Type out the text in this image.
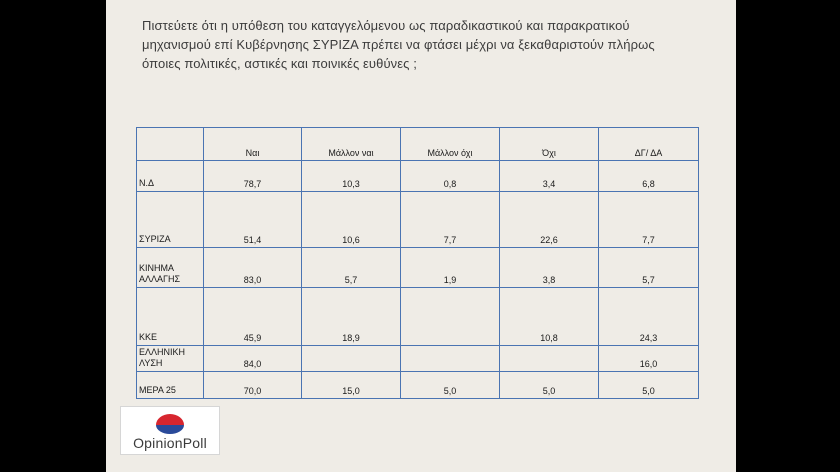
Πιστεύετε ότι η υπόθεση του καταγγελόμενου ως παραδικαστικού και παρακρατικού
μηχανισμού επί Κυβέρνησης ΣΥΡΙΖΑ πρέπει να φτάσει μέχρι να ξεκαθαριστούν πλήρως
όποιες πολιτικές, αστικές και ποινικές ευθύνες ;
	Ναι	Μάλλον ναι	Μάλλον όχι	Όχι	ΔΓ/ ΔΑ
Ν.Δ	78,7	10,3	0,8	3,4	6,8
ΣΥΡΙΖΑ	51,4	10,6	7,7	22,6	7,7
ΚΙΝΗΜΑ ΑΛΛΑΓΗΣ	83,0	5,7	1,9	3,8	5,7
ΚΚΕ	45,9	18,9		10,8	24,3
ΕΛΛΗΝΙΚΗ ΛΥΣΗ	84,0				16,0
ΜΕΡΑ 25	70,0	15,0	5,0	5,0	5,0
OpinionPoll
